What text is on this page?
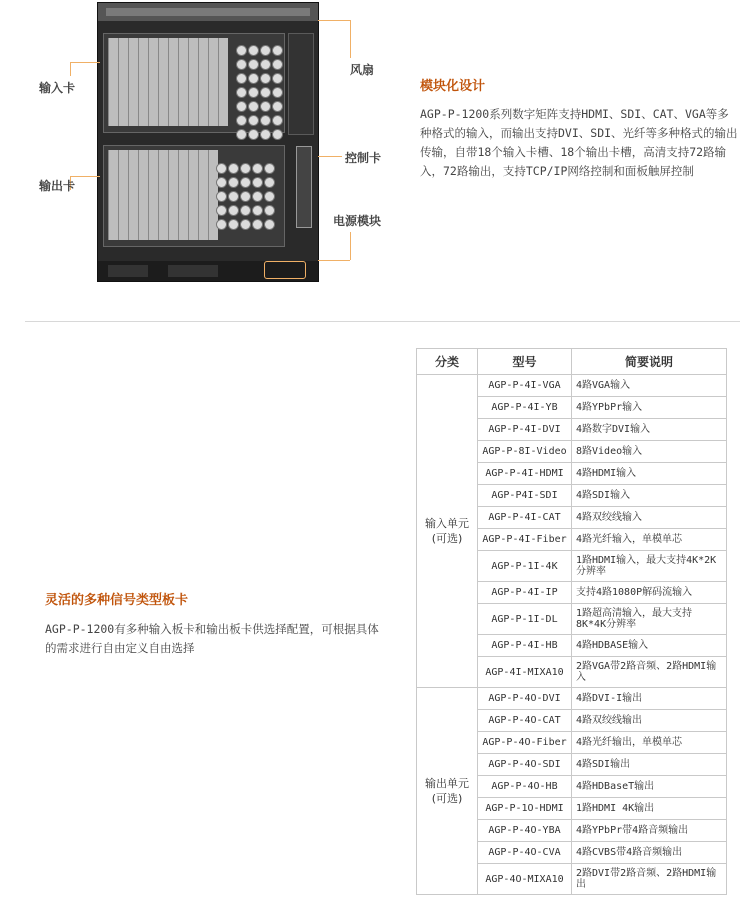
输入卡
输出卡
风扇
控制卡
电源模块
模块化设计
AGP-P-1200系列数字矩阵支持HDMI、SDI、CAT、VGA等多种格式的输入，而输出支持DVI、SDI、光纤等多种格式的输出传输，自带18个输入卡槽、18个输出卡槽，高清支持72路输入，72路输出，支持TCP/IP网络控制和面板触屏控制
灵活的多种信号类型板卡
AGP-P-1200有多种输入板卡和输出板卡供选择配置，可根据具体的需求进行自由定义自由选择
分类	型号	简要说明

输入单元
(可选)	AGP-P-4I-VGA	4路VGA输入
	AGP-P-4I-YB	4路YPbPr输入
	AGP-P-4I-DVI	4路数字DVI输入
	AGP-P-8I-Video	8路Video输入
	AGP-P-4I-HDMI	4路HDMI输入
	AGP-P4I-SDI	4路SDI输入
	AGP-P-4I-CAT	4路双绞线输入
	AGP-P-4I-Fiber	4路光纤输入，单模单芯
	AGP-P-1I-4K	1路HDMI输入，最大支持4K*2K分辨率
	AGP-P-4I-IP	支持4路1080P解码流输入
	AGP-P-1I-DL	1路超高清输入，最大支持8K*4K分辨率
	AGP-P-4I-HB	4路HDBASE输入
	AGP-4I-MIXA10	2路VGA带2路音频、2路HDMI输入

输出单元
(可选)	AGP-P-4O-DVI	4路DVI-I输出
	AGP-P-4O-CAT	4路双绞线输出
	AGP-P-4O-Fiber	4路光纤输出，单模单芯
	AGP-P-4O-SDI	4路SDI输出
	AGP-P-4O-HB	4路HDBaseT输出
	AGP-P-1O-HDMI	1路HDMI 4K输出
	AGP-P-4O-YBA	4路YPbPr带4路音频输出
	AGP-P-4O-CVA	4路CVBS带4路音频输出
	AGP-4O-MIXA10	2路DVI带2路音频、2路HDMI输出
